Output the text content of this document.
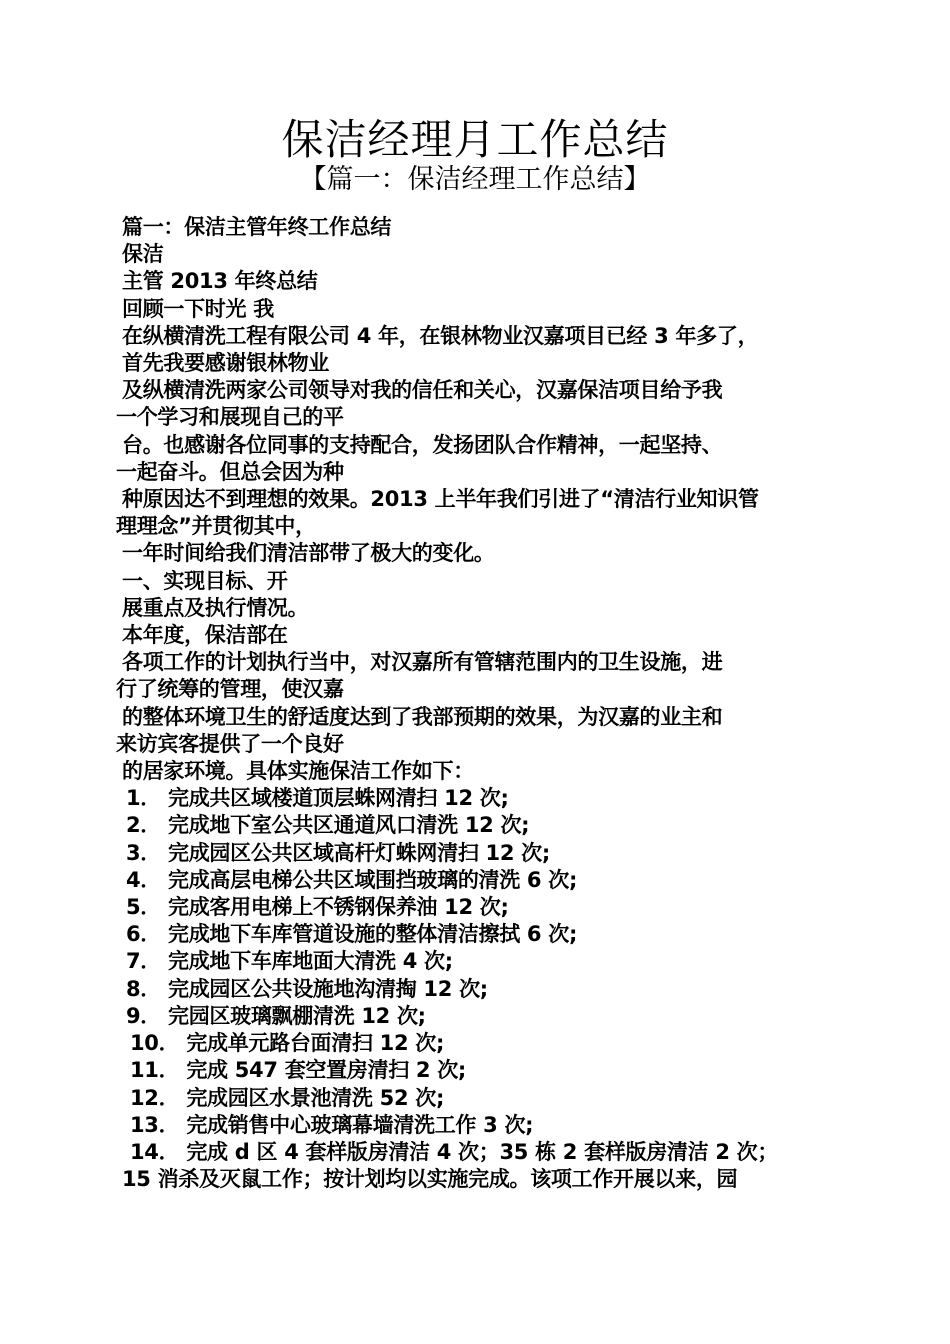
保洁经理月工作总结
【篇一：保洁经理工作总结】
篇一：保洁主管年终工作总结
保洁
主管 2013 年终总结
回顾一下时光 我
在纵横清洗工程有限公司 4 年，在银林物业汉嘉项目已经 3 年多了，
首先我要感谢银林物业
及纵横清洗两家公司领导对我的信任和关心，汉嘉保洁项目给予我
一个学习和展现自己的平
台。也感谢各位同事的支持配合，发扬团队合作精神，一起坚持、
一起奋斗。但总会因为种
种原因达不到理想的效果。2013 上半年我们引进了“清洁行业知识管
理理念”并贯彻其中，
一年时间给我们清洁部带了极大的变化。
一、实现目标、开
展重点及执行情况。
本年度，保洁部在
各项工作的计划执行当中，对汉嘉所有管辖范围内的卫生设施，进
行了统筹的管理，使汉嘉
的整体环境卫生的舒适度达到了我部预期的效果，为汉嘉的业主和
来访宾客提供了一个良好
的居家环境。具体实施保洁工作如下：
1． 完成共区域楼道顶层蛛网清扫 12 次;
2． 完成地下室公共区通道风口清洗 12 次;
3． 完成园区公共区域高杆灯蛛网清扫 12 次;
4． 完成高层电梯公共区域围挡玻璃的清洗 6 次;
5． 完成客用电梯上不锈钢保养油 12 次;
6． 完成地下车库管道设施的整体清洁擦拭 6 次;
7． 完成地下车库地面大清洗 4 次;
8． 完成园区公共设施地沟清掏 12 次;
9． 完园区玻璃飘棚清洗 12 次;
10． 完成单元路台面清扫 12 次;
11． 完成 547 套空置房清扫 2 次;
12． 完成园区水景池清洗 52 次;
13． 完成销售中心玻璃幕墙清洗工作 3 次;
14． 完成 d 区 4 套样版房清洁 4 次；35 栋 2 套样版房清洁 2 次；
15 消杀及灭鼠工作；按计划均以实施完成。该项工作开展以来，园
